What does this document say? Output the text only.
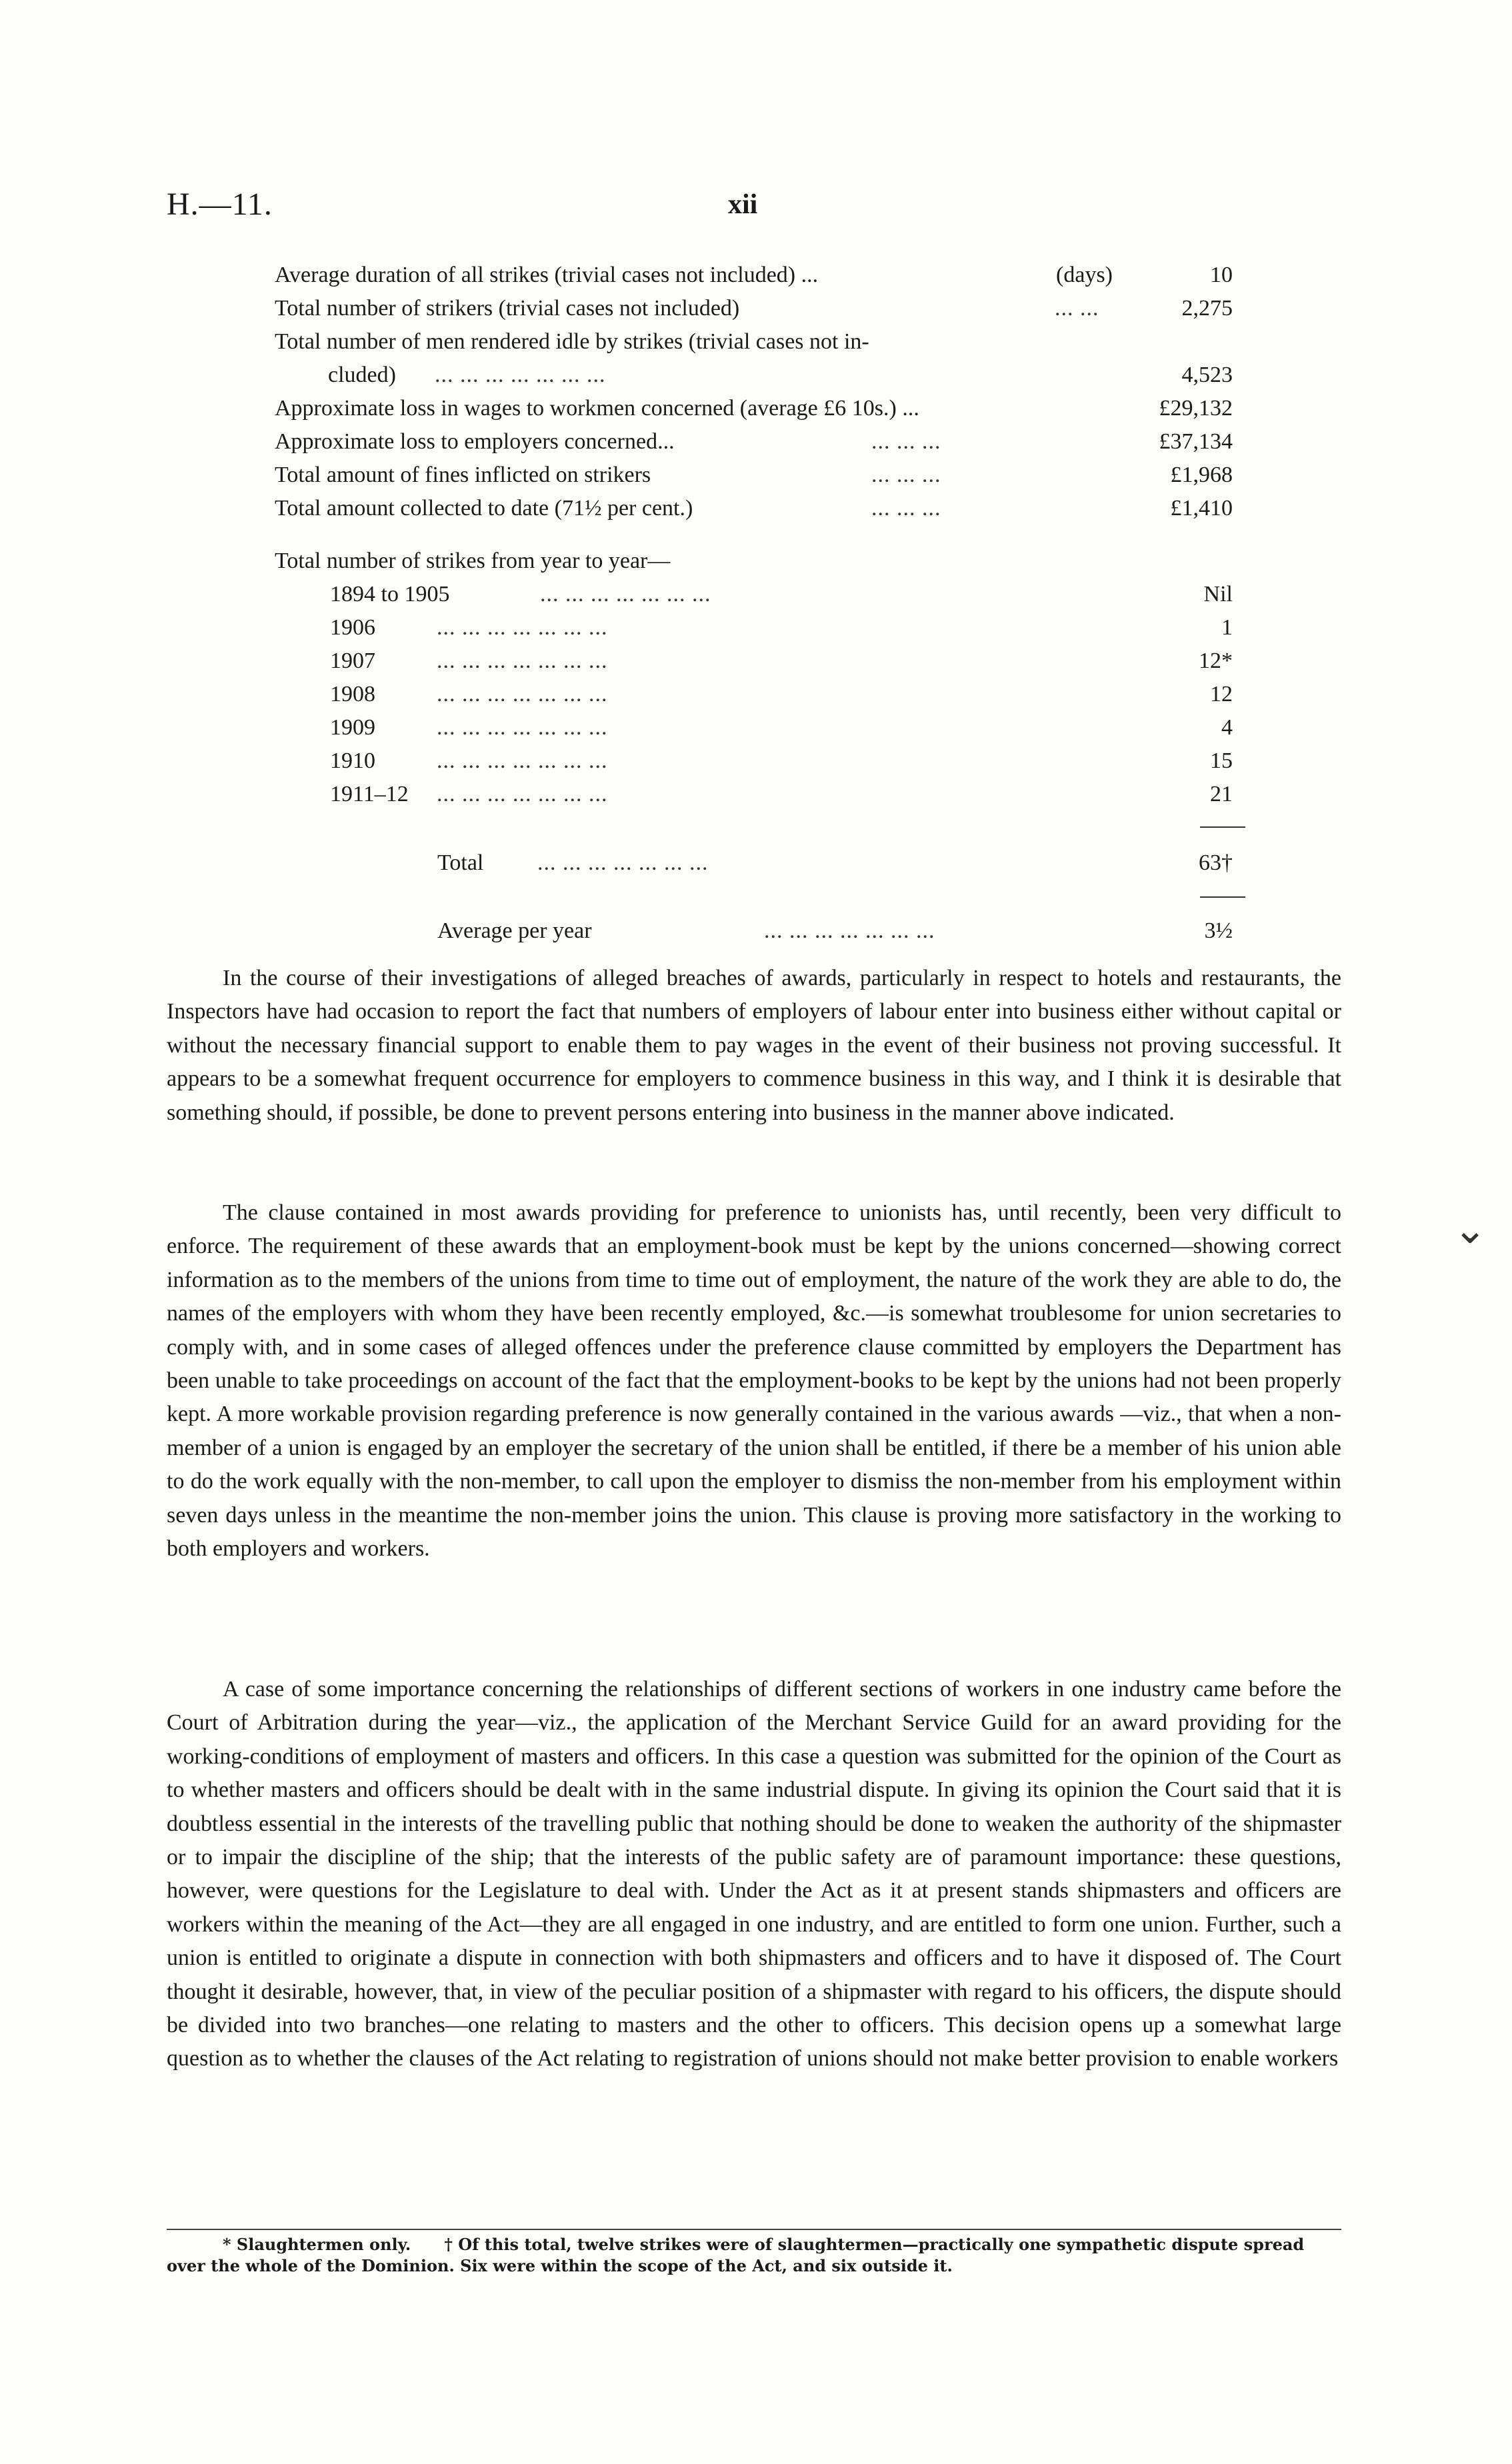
H.—11.	xii
Average duration of all strikes (trivial cases not included) ...	(days)	10
Total number of strikers (trivial cases not included)	... ...	2,275
Total number of men rendered idle by strikes (trivial cases not in-
cluded) ... ... ... ... ... ... ...	4,523
Approximate loss in wages to workmen concerned (average £6 10s.) ...	£29,132
Approximate loss to employers concerned...	... ... ...	£37,134
Total amount of fines inflicted on strikers	... ... ...	£1,968
Total amount collected to date (71½ per cent.)	... ... ...	£1,410
Total number of strikes from year to year—
1894 to 1905	... ... ... ... ... ... ...	Nil
1906	... ... ... ... ... ... ...	1
1907	... ... ... ... ... ... ...	12*
1908	... ... ... ... ... ... ...	12
1909	... ... ... ... ... ... ...	4
1910	... ... ... ... ... ... ...	15
1911–12 ... ... ... ... ... ... ...	21
Total ... ... ... ... ... ... ...	63†
Average per year	... ... ... ... ... ... ...	3½
In the course of their investigations of alleged breaches of awards, particularly in respect to hotels and restaurants, the Inspectors have had occasion to report the fact that numbers of employers of labour enter into business either without capital or without the necessary financial support to enable them to pay wages in the event of their business not proving successful. It appears to be a somewhat frequent occurrence for employers to commence business in this way, and I think it is desirable that something should, if possible, be done to prevent persons entering into business in the manner above indicated.
The clause contained in most awards providing for preference to unionists has, until recently, been very difficult to enforce. The requirement of these awards that an employment-book must be kept by the unions concerned—showing correct information as to the members of the unions from time to time out of employment, the nature of the work they are able to do, the names of the employers with whom they have been recently employed, &c.—is somewhat troublesome for union secretaries to comply with, and in some cases of alleged offences under the preference clause committed by employers the Department has been unable to take proceedings on account of the fact that the employment-books to be kept by the unions had not been properly kept. A more workable provision regarding preference is now generally contained in the various awards —viz., that when a non-member of a union is engaged by an employer the secretary of the union shall be entitled, if there be a member of his union able to do the work equally with the non-member, to call upon the employer to dismiss the non-member from his employment within seven days unless in the meantime the non-member joins the union. This clause is proving more satisfactory in the working to both employers and workers.
A case of some importance concerning the relationships of different sections of workers in one industry came before the Court of Arbitration during the year—viz., the application of the Merchant Service Guild for an award providing for the working-conditions of employment of masters and officers. In this case a question was submitted for the opinion of the Court as to whether masters and officers should be dealt with in the same industrial dispute. In giving its opinion the Court said that it is doubtless essential in the interests of the travelling public that nothing should be done to weaken the authority of the shipmaster or to impair the discipline of the ship; that the interests of the public safety are of paramount importance: these questions, however, were questions for the Legislature to deal with. Under the Act as it at present stands shipmasters and officers are workers within the meaning of the Act—they are all engaged in one industry, and are entitled to form one union. Further, such a union is entitled to originate a dispute in connection with both shipmasters and officers and to have it disposed of. The Court thought it desirable, however, that, in view of the peculiar position of a shipmaster with regard to his officers, the dispute should be divided into two branches—one relating to masters and the other to officers. This decision opens up a somewhat large question as to whether the clauses of the Act relating to registration of unions should not make better provision to enable workers
⌄
* Slaughtermen only. † Of this total, twelve strikes were of slaughtermen—practically one sympathetic dispute spread over the whole of the Dominion. Six were within the scope of the Act, and six outside it.
